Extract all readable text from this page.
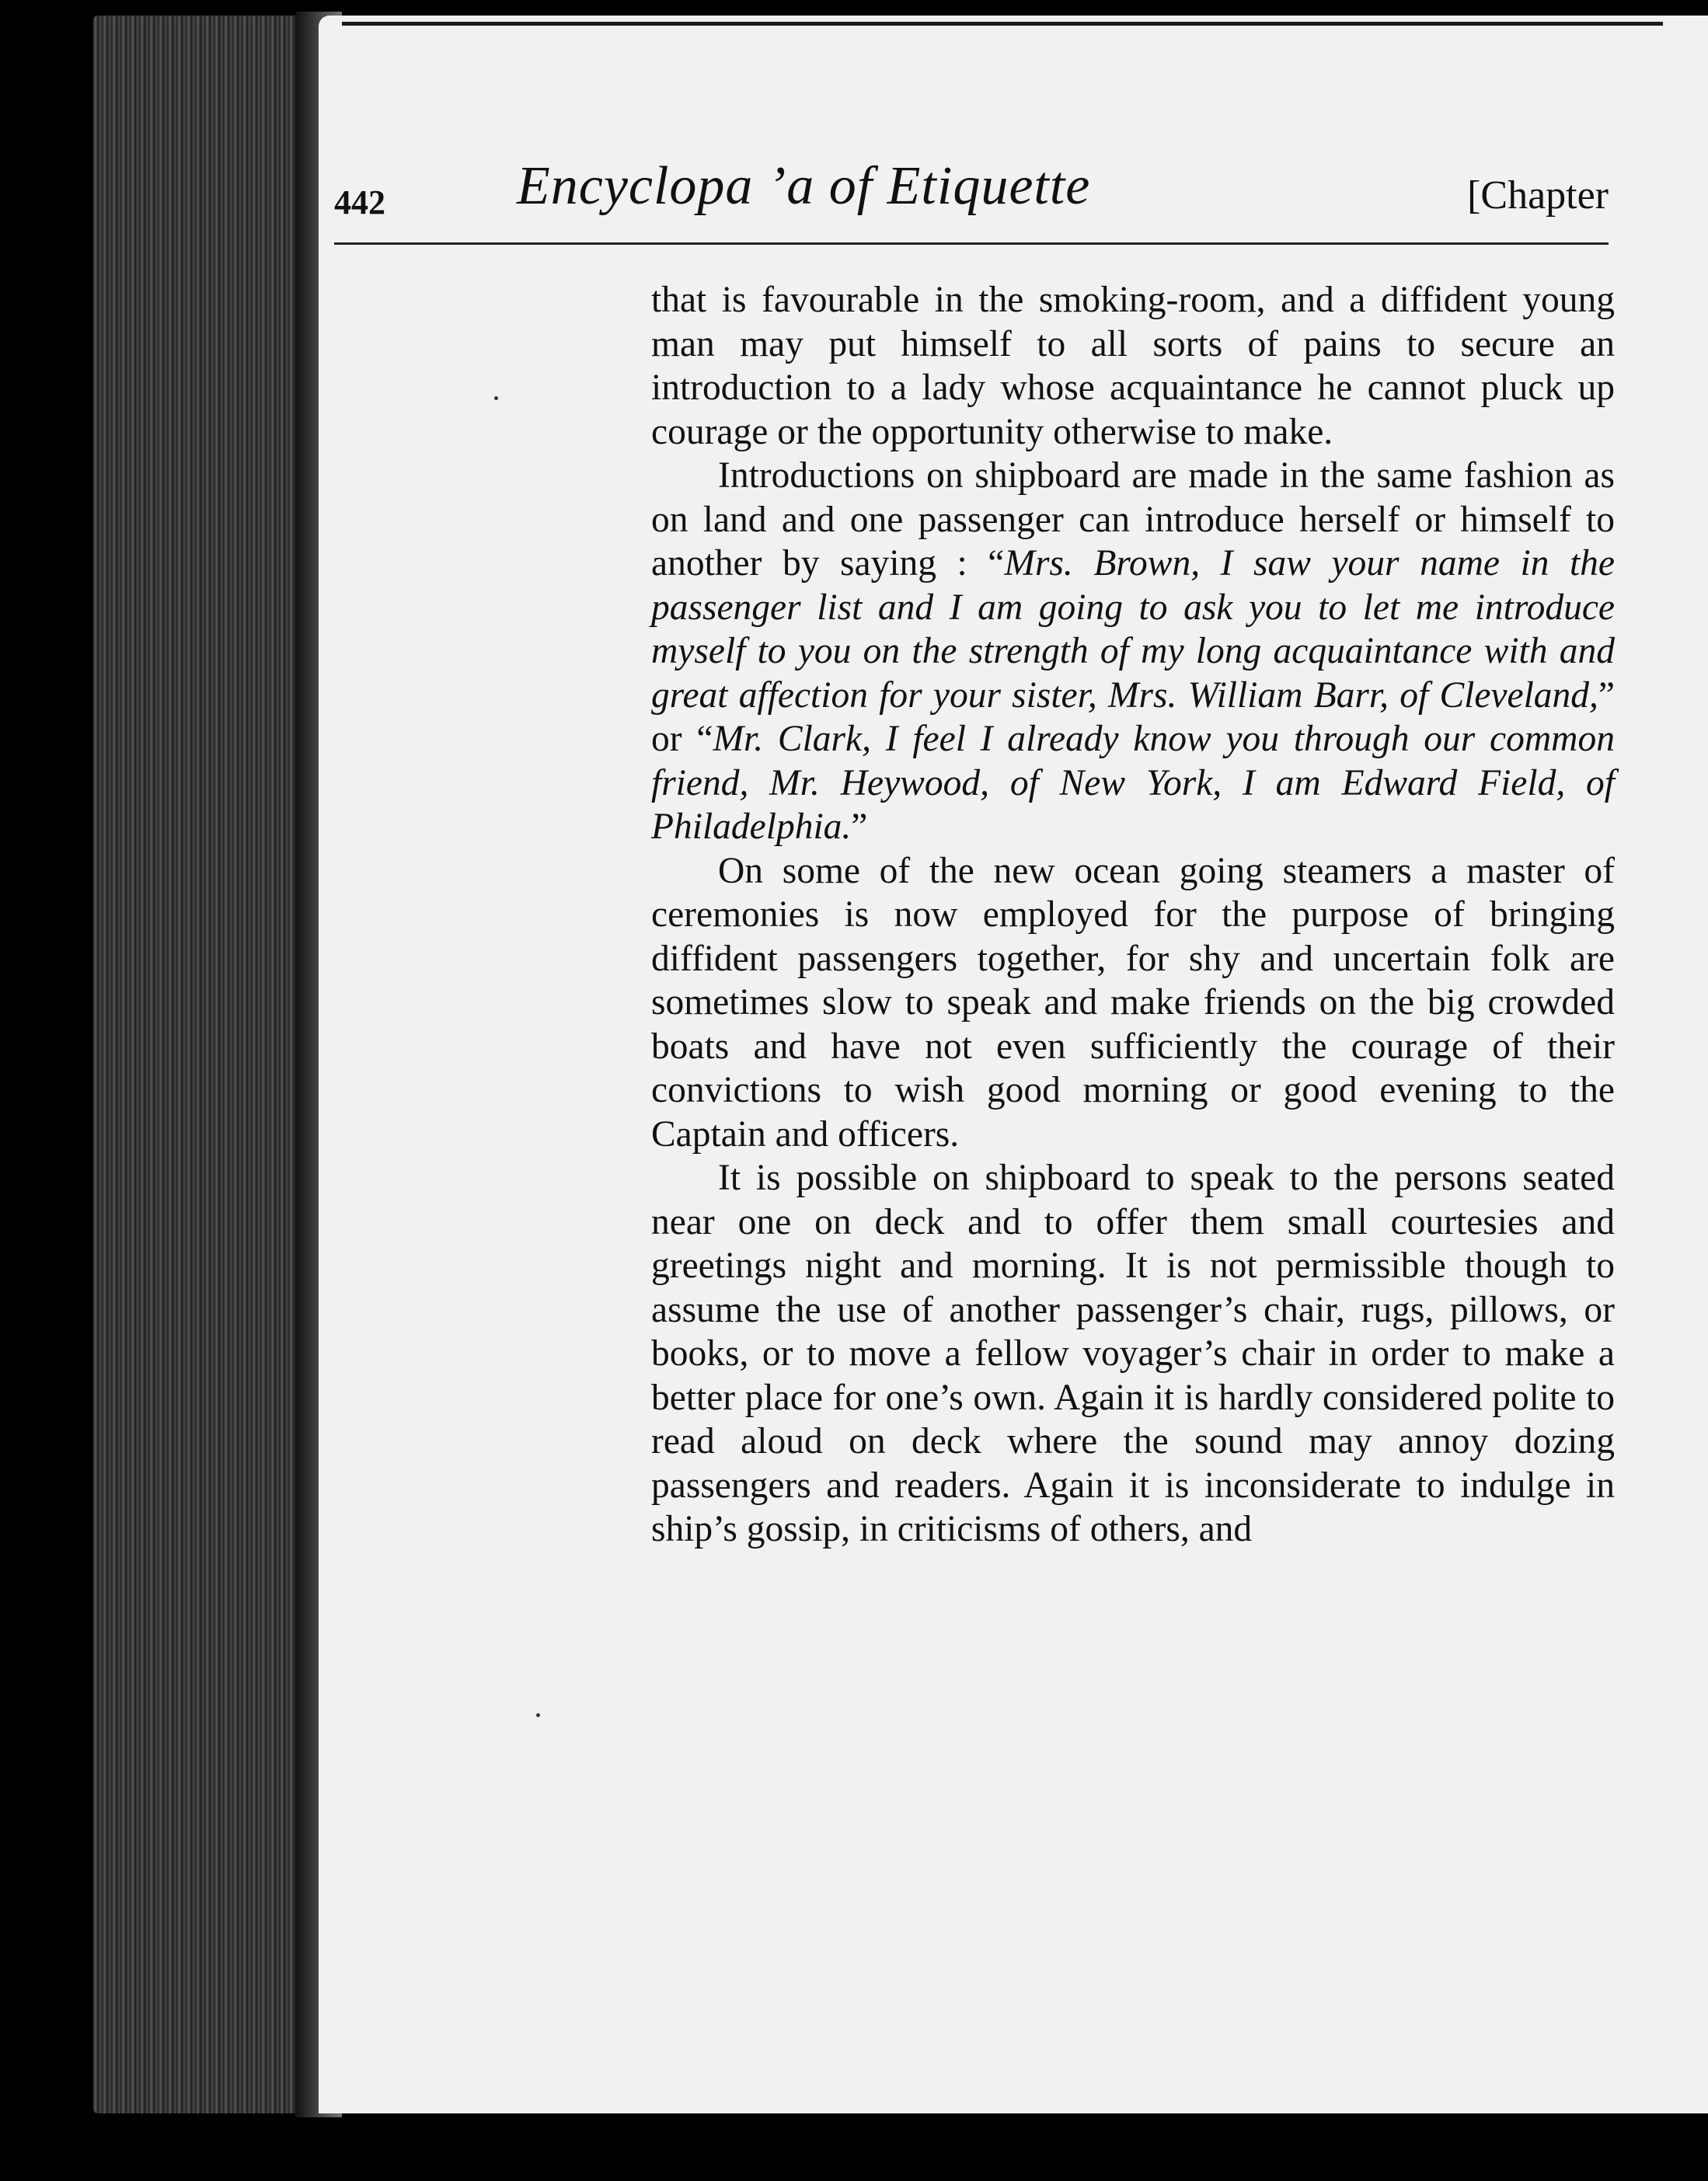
442 Encyclopa ʼa of Etiquette	[Chapter

that is favourable in the smoking-room, and a diffident young man may put himself to all sorts of pains to secure an introduction to a lady whose acquaintance he cannot pluck up courage or the opportunity otherwise to make.

Introductions on shipboard are made in the same fashion as on land and one passenger can introduce herself or himself to another by saying : “Mrs. Brown, I saw your name in the passenger list and I am going to ask you to let me introduce myself to you on the strength of my long acquaintance with and great affection for your sister, Mrs. William Barr, of Cleveland,” or “Mr. Clark, I feel I already know you through our common friend, Mr. Heywood, of New York, I am Edward Field, of Philadelphia.”

On some of the new ocean going steamers a master of ceremonies is now employed for the purpose of bringing diffident passengers together, for shy and uncertain folk are sometimes slow to speak and make friends on the big crowded boats and have not even sufficiently the courage of their convictions to wish good morning or good evening to the Captain and officers.

It is possible on shipboard to speak to the persons seated near one on deck and to offer them small courtesies and greetings night and morning. It is not permissible though to assume the use of another passenger’s chair, rugs, pillows, or books, or to move a fellow voyager’s chair in order to make a better place for one’s own. Again it is hardly considered polite to read aloud on deck where the sound may annoy dozing passengers and readers. Again it is inconsiderate to indulge in ship’s gossip, in criticisms of others, and
